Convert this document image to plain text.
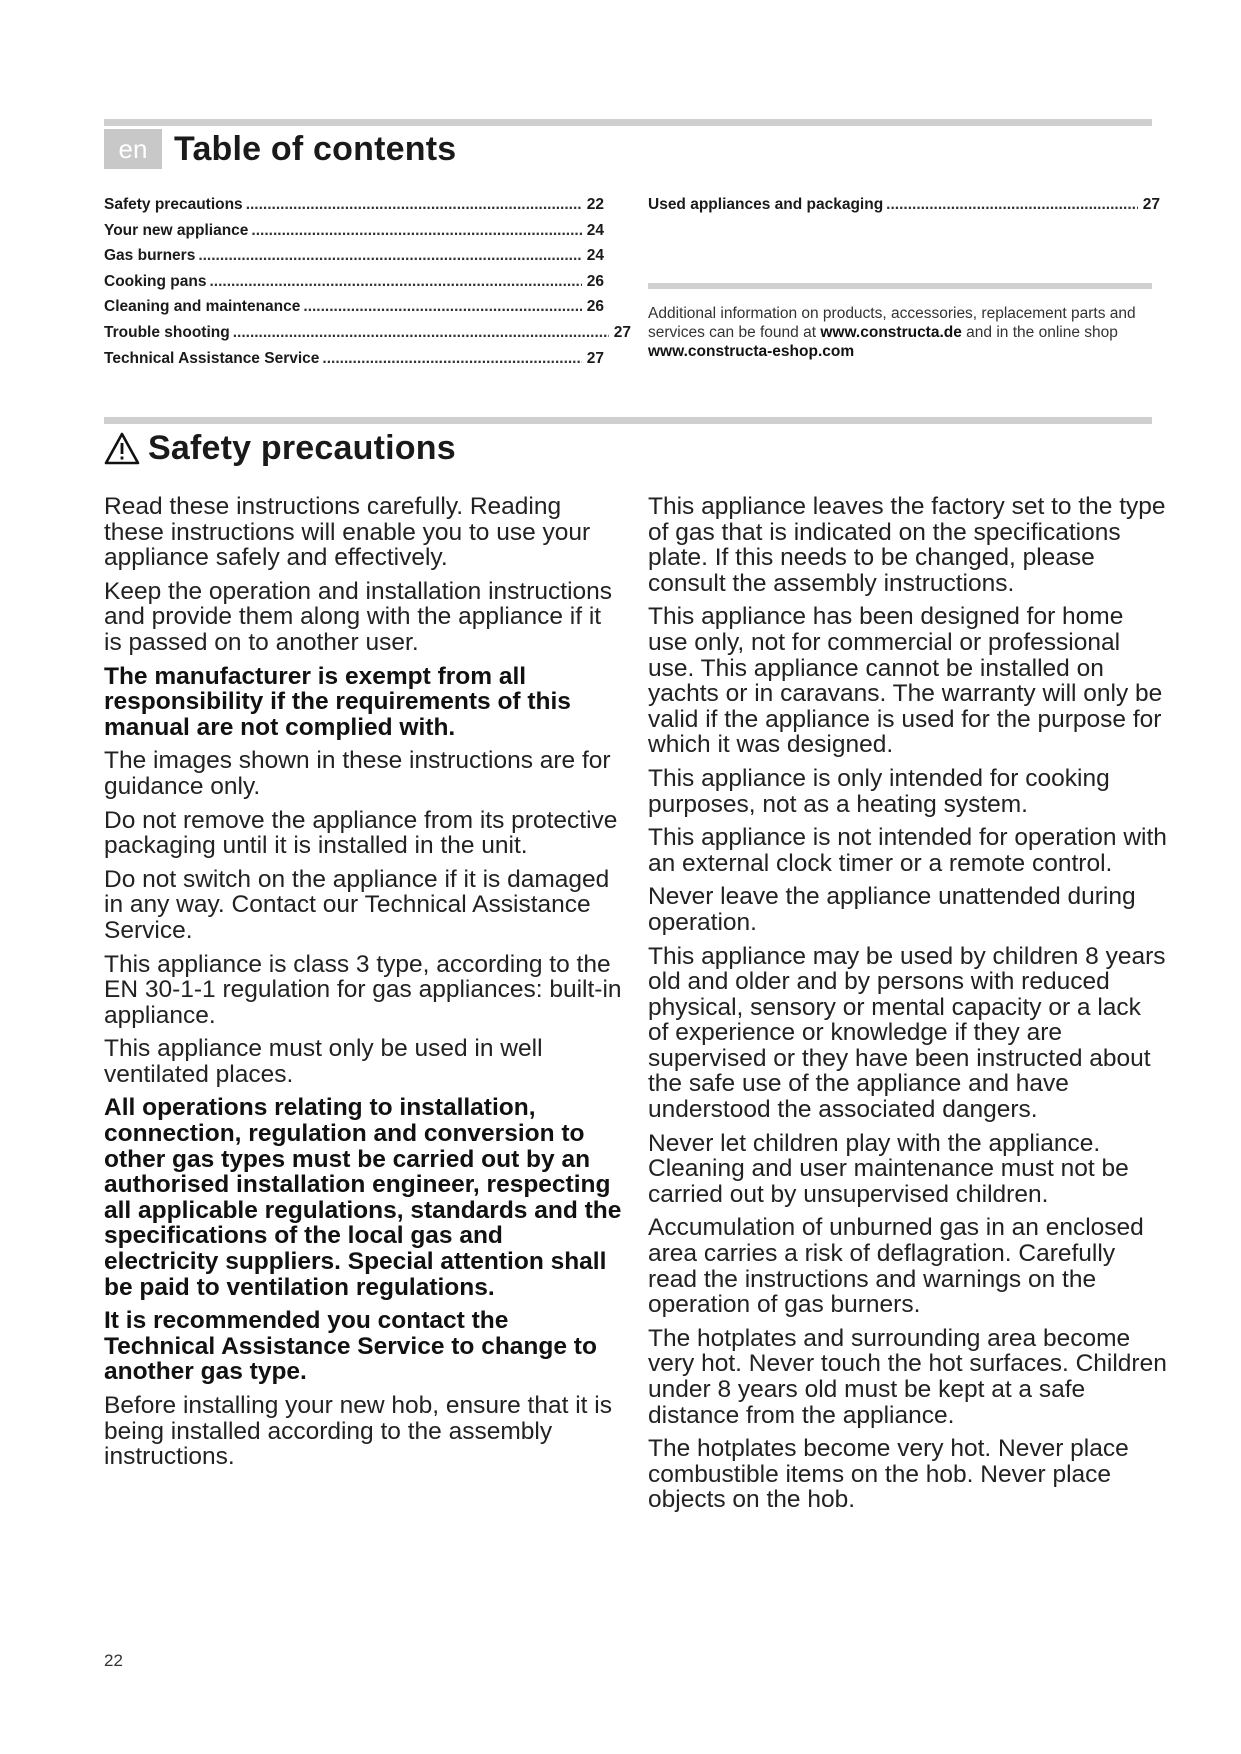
en Table of contents
Safety precautions .....	22
Your new appliance .....	24
Gas burners .....	24
Cooking pans .....	26
Cleaning and maintenance .....	26
Trouble shooting .....	27
Technical Assistance Service .....	27
Used appliances and packaging .....	27
Additional information on products, accessories, replacement parts and services can be found at www.constructa.de and in the online shop www.constructa-eshop.com
Safety precautions

Read these instructions carefully. Reading these instructions will enable you to use your appliance safely and effectively.

Keep the operation and installation instructions and provide them along with the appliance if it is passed on to another user.

The manufacturer is exempt from all responsibility if the requirements of this manual are not complied with.

The images shown in these instructions are for guidance only.

Do not remove the appliance from its protective packaging until it is installed in the unit.

Do not switch on the appliance if it is damaged in any way. Contact our Technical Assistance Service.

This appliance is class 3 type, according to the EN 30-1-1 regulation for gas appliances: built-in appliance.

This appliance must only be used in well ventilated places.

All operations relating to installation, connection, regulation and conversion to other gas types must be carried out by an authorised installation engineer, respecting all applicable regulations, standards and the specifications of the local gas and electricity suppliers. Special attention shall be paid to ventilation regulations.

It is recommended you contact the Technical Assistance Service to change to another gas type.

Before installing your new hob, ensure that it is being installed according to the assembly instructions.

This appliance leaves the factory set to the type of gas that is indicated on the specifications plate. If this needs to be changed, please consult the assembly instructions.

This appliance has been designed for home use only, not for commercial or professional use. This appliance cannot be installed on yachts or in caravans. The warranty will only be valid if the appliance is used for the purpose for which it was designed.

This appliance is only intended for cooking purposes, not as a heating system.

This appliance is not intended for operation with an external clock timer or a remote control.

Never leave the appliance unattended during operation.

This appliance may be used by children 8 years old and older and by persons with reduced physical, sensory or mental capacity or a lack of experience or knowledge if they are supervised or they have been instructed about the safe use of the appliance and have understood the associated dangers.

Never let children play with the appliance. Cleaning and user maintenance must not be carried out by unsupervised children.

Accumulation of unburned gas in an enclosed area carries a risk of deflagration. Carefully read the instructions and warnings on the operation of gas burners.

The hotplates and surrounding area become very hot. Never touch the hot surfaces. Children under 8 years old must be kept at a safe distance from the appliance.

The hotplates become very hot. Never place combustible items on the hob. Never place objects on the hob.

22
